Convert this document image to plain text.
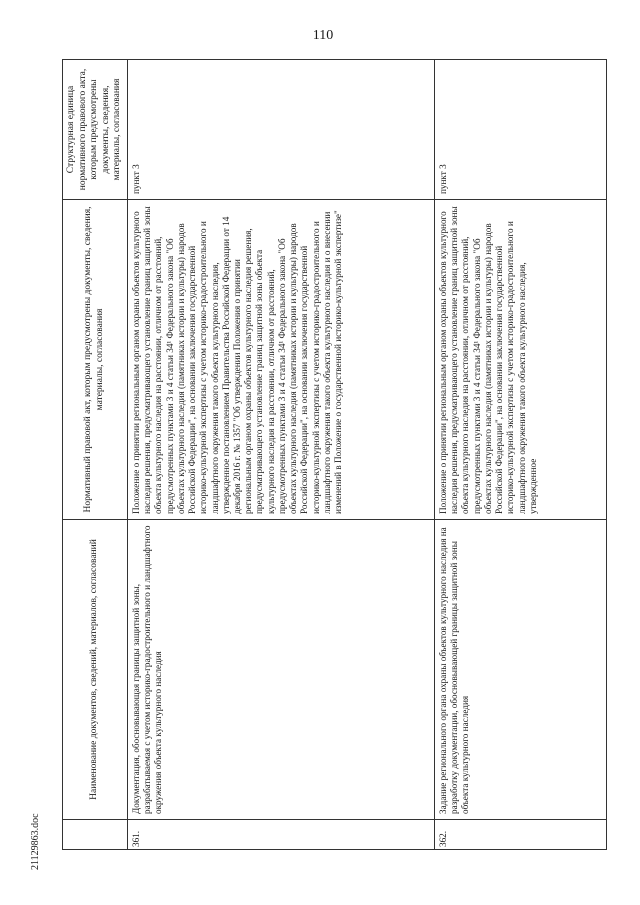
110
21129863.doc
	Наименование документов, сведений, материалов, согласований	Нормативный правовой акт, которым предусмотрены документы, сведения, материалы, согласования	Структурная единица нормативного правового акта, которым предусмотрены документы, сведения, материалы, согласования
361.	Документация, обосновывающая границы защитной зоны, разрабатываемая с учетом историко-градостроительного и ландшафтного окружения объекта культурного наследия	Положение о принятии региональным органом охраны объектов культурного наследия решения, предусматривающего установление границ защитной зоны объекта культурного наследия на расстоянии, отличном от расстояний, предусмотренных пунктами 3 и 4 статьи 34¹ Федерального закона "Об объектах культурного наследия (памятниках истории и культуры) народов Российской Федерации", на основании заключения государственной историко-культурной экспертизы с учетом историко-градостроительного и ландшафтного окружения такого объекта культурного наследия, утвержденное постановлением Правительства Российской Федерации от 14 декабря 2016 г. № 1357 "Об утверждении Положения о принятии региональным органом охраны объектов культурного наследия решения, предусматривающего установление границ защитной зоны объекта культурного наследия на расстоянии, отличном от расстояний, предусмотренных пунктами 3 и 4 статьи 34¹ Федерального закона "Об объектах культурного наследия (памятниках истории и культуры) народов Российской Федерации", на основании заключения государственной историко-культурной экспертизы с учетом историко-градостроительного и ландшафтного окружения такого объекта культурного наследия и о внесении изменений в Положение о государственной историко-культурной экспертизе"	пункт 3
362.	Задание регионального органа охраны объектов культурного наследия на разработку документации, обосновывающей границы защитной зоны объекта культурного наследия	Положение о принятии региональным органом охраны объектов культурного наследия решения, предусматривающего установление границ защитной зоны объекта культурного наследия на расстоянии, отличном от расстояний, предусмотренных пунктами 3 и 4 статьи 34¹ Федерального закона "Об объектах культурного наследия (памятниках истории и культуры) народов Российской Федерации", на основании заключения государственной историко-культурной экспертизы с учетом историко-градостроительного и ландшафтного окружения такого объекта культурного наследия, утвержденное	пункт 3
